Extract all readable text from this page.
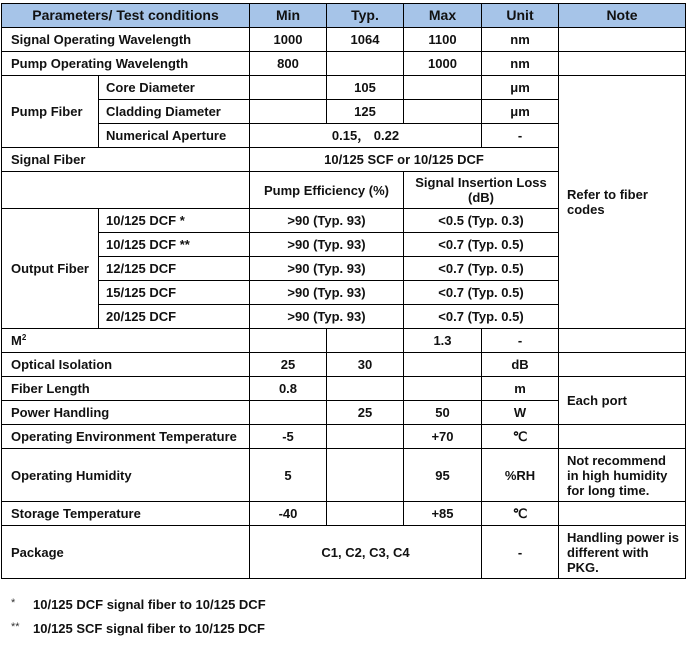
Parameters/ Test conditions		Min	Typ.	Max	Unit	Note
Signal Operating Wavelength		1000	1064	1100	nm	
Pump Operating Wavelength		800		1000	nm	
Pump Fiber	Core Diameter		105		μm	Refer to fiber codes
	Cladding Diameter		125		μm	
	Numerical Aperture	0.15， 0.22			-	
Signal Fiber		10/125 SCF or 10/125 DCF				
		Pump Efficiency (%)		Signal Insertion Loss (dB)		
Output Fiber	10/125 DCF *	>90 (Typ. 93)		<0.5 (Typ. 0.3)		
	10/125 DCF **	>90 (Typ. 93)		<0.7 (Typ. 0.5)		
	12/125 DCF	>90 (Typ. 93)		<0.7 (Typ. 0.5)		
	15/125 DCF	>90 (Typ. 93)		<0.7 (Typ. 0.5)		
	20/125 DCF	>90 (Typ. 93)		<0.7 (Typ. 0.5)		
$M^2$				1.3	-	
Optical Isolation		25	30		dB	
Fiber Length		0.8			m	Each port
Power Handling			25	50	W	
Operating Environment Temperature		-5		+70	℃	
Operating Humidity		5		95	%RH	Not recommend in high humidity for long time.
Storage Temperature		-40		+85	℃	
Package		C1, C2, C3, C4			-	Handling power is different with PKG.
*	10/125 DCF signal fiber to 10/125 DCF
**	10/125 SCF signal fiber to 10/125 DCF
